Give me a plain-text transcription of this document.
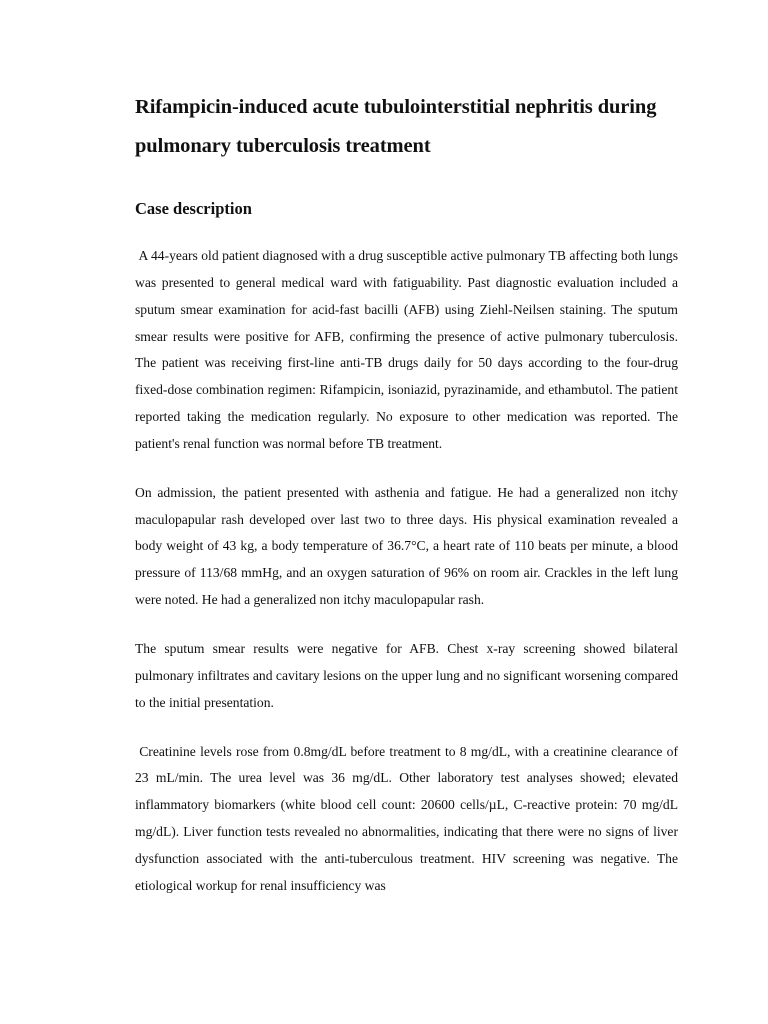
Rifampicin-induced acute tubulointerstitial nephritis during pulmonary tuberculosis treatment
Case description

A 44-years old patient diagnosed with a drug susceptible active pulmonary TB affecting both lungs was presented to general medical ward with fatiguability. Past diagnostic evaluation included a sputum smear examination for acid-fast bacilli (AFB) using Ziehl-Neilsen staining. The sputum smear results were positive for AFB, confirming the presence of active pulmonary tuberculosis. The patient was receiving first-line anti-TB drugs daily for 50 days according to the four-drug fixed-dose combination regimen: Rifampicin, isoniazid, pyrazinamide, and ethambutol. The patient reported taking the medication regularly. No exposure to other medication was reported. The patient's renal function was normal before TB treatment.

On admission, the patient presented with asthenia and fatigue. He had a generalized non itchy maculopapular rash developed over last two to three days. His physical examination revealed a body weight of 43 kg, a body temperature of 36.7°C, a heart rate of 110 beats per minute, a blood pressure of 113/68 mmHg, and an oxygen saturation of 96% on room air. Crackles in the left lung were noted. He had a generalized non itchy maculopapular rash.

The sputum smear results were negative for AFB. Chest x-ray screening showed bilateral pulmonary infiltrates and cavitary lesions on the upper lung and no significant worsening compared to the initial presentation.

Creatinine levels rose from 0.8mg/dL before treatment to 8 mg/dL, with a creatinine clearance of 23 mL/min. The urea level was 36 mg/dL. Other laboratory test analyses showed; elevated inflammatory biomarkers (white blood cell count: 20600 cells/µL, C-reactive protein: 70 mg/dL mg/dL). Liver function tests revealed no abnormalities, indicating that there were no signs of liver dysfunction associated with the anti-tuberculous treatment. HIV screening was negative. The etiological workup for renal insufficiency was
